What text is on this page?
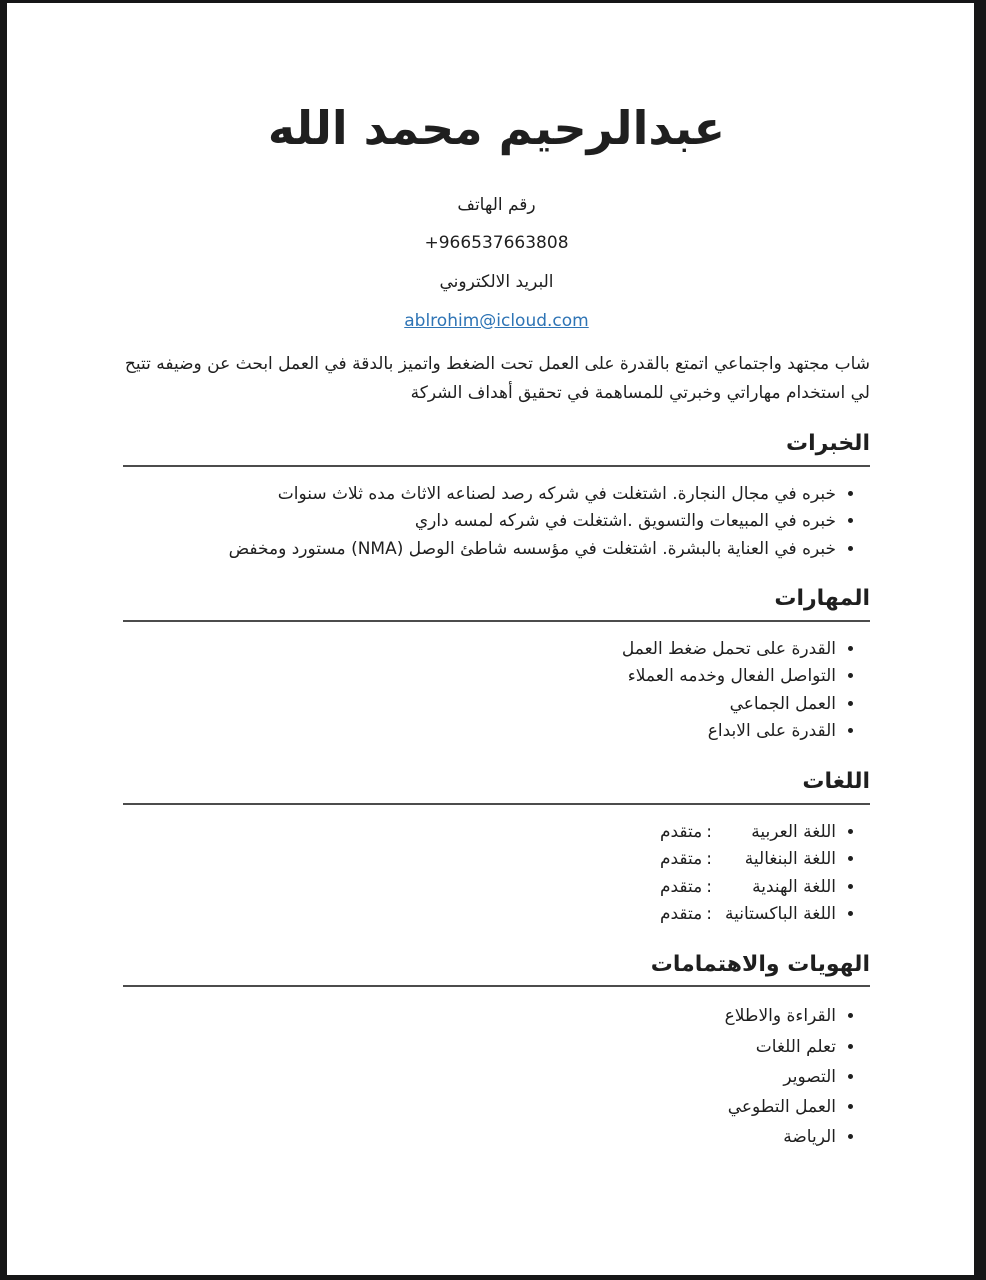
عبدالرحيم محمد الله
رقم الهاتف
+966537663808
البريد الالكتروني
ablrohim@icloud.com

شاب مجتهد واجتماعي اتمتع بالقدرة على العمل تحت الضغط واتميز بالدقة في العمل ابحث عن وضيفه تتيح لي استخدام مهاراتي وخبرتي للمساهمة في تحقيق أهداف الشركة

الخبرات
• خبره في مجال النجارة. اشتغلت في شركه رصد لصناعه الاثاث مده ثلاث سنوات
• خبره في المبيعات والتسويق .اشتغلت في شركه لمسه داري
• خبره في العناية بالبشرة. اشتغلت في مؤسسه شاطئ الوصل (NMA) مستورد ومخفض
المهارات
• القدرة على تحمل ضغط العمل
• التواصل الفعال وخدمه العملاء
• العمل الجماعي
• القدرة على الابداع
اللغات
• اللغة العربية:متقدم
• اللغة البنغالية:متقدم
• اللغة الهندية:متقدم
• اللغة الباكستانية:متقدم
الهويات والاهتمامات
• القراءة والاطلاع
• تعلم اللغات
• التصوير
• العمل التطوعي
• الرياضة
